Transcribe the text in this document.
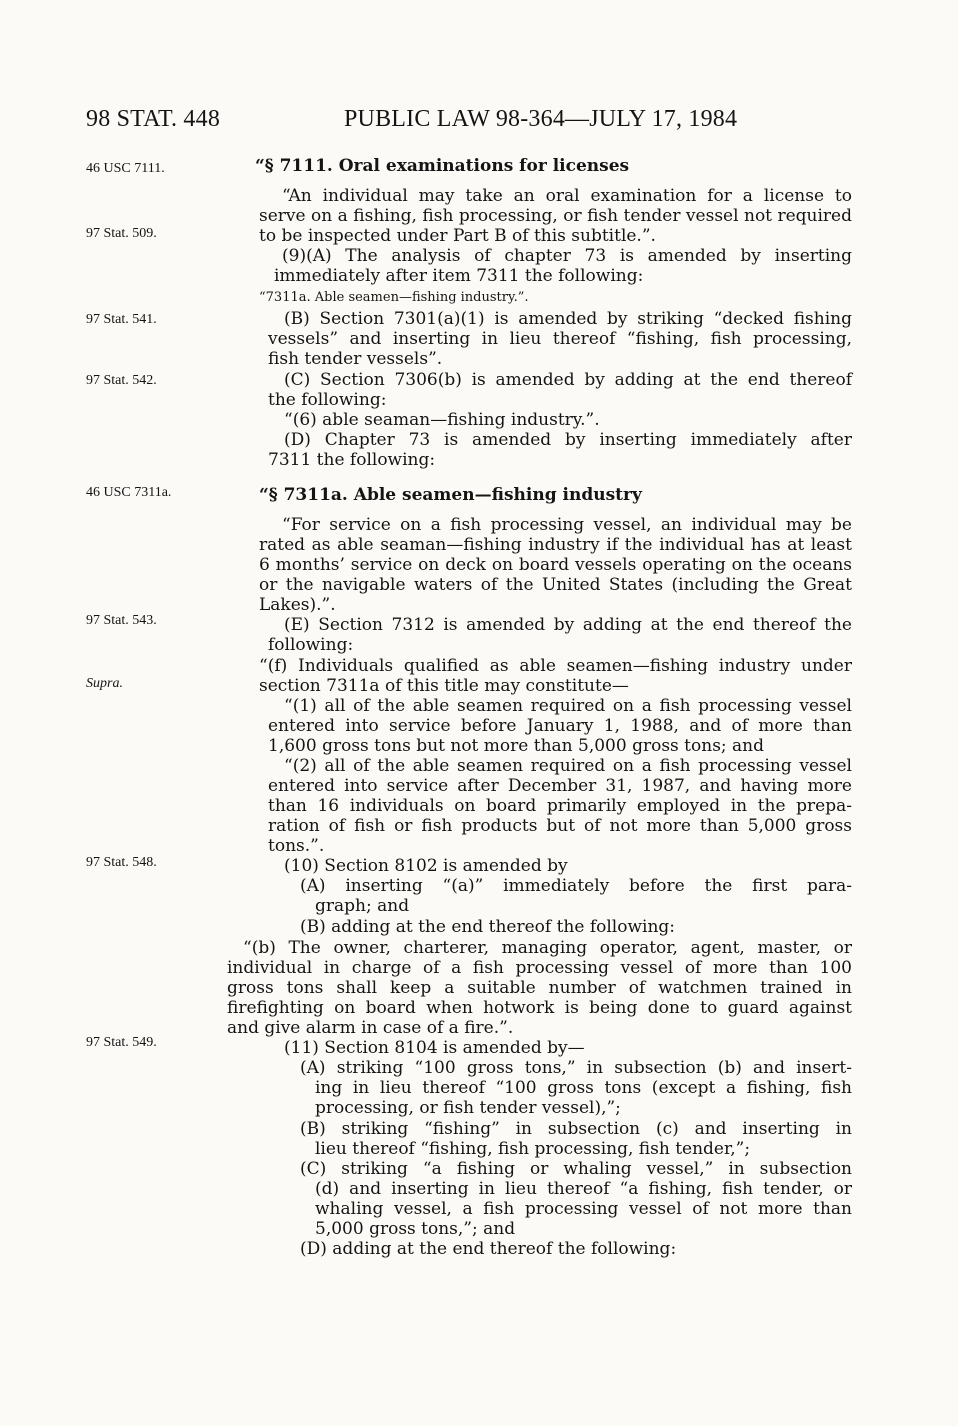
98 STAT. 448	PUBLIC LAW 98-364—JULY 17, 1984
46 USC 7111.
97 Stat. 509.
97 Stat. 541.
97 Stat. 542.
46 USC 7311a.
97 Stat. 543.
Supra.
97 Stat. 548.
97 Stat. 549.
“§ 7111. Oral examinations for licenses
“An individual may take an oral examination for a license to
serve on a fishing, fish processing, or fish tender vessel not required
to be inspected under Part B of this subtitle.”.
(9)(A) The analysis of chapter 73 is amended by inserting
immediately after item 7311 the following:
“7311a. Able seamen—fishing industry.”.
(B) Section 7301(a)(1) is amended by striking “decked fishing
vessels” and inserting in lieu thereof “fishing, fish processing,
fish tender vessels”.
(C) Section 7306(b) is amended by adding at the end thereof
the following:
“(6) able seaman—fishing industry.”.
(D) Chapter 73 is amended by inserting immediately after
7311 the following:
“§ 7311a. Able seamen—fishing industry
“For service on a fish processing vessel, an individual may be
rated as able seaman—fishing industry if the individual has at least
6 months’ service on deck on board vessels operating on the oceans
or the navigable waters of the United States (including the Great
Lakes).”.
(E) Section 7312 is amended by adding at the end thereof the
following:
“(f) Individuals qualified as able seamen—fishing industry under
section 7311a of this title may constitute—
“(1) all of the able seamen required on a fish processing vessel
entered into service before January 1, 1988, and of more than
1,600 gross tons but not more than 5,000 gross tons; and
“(2) all of the able seamen required on a fish processing vessel
entered into service after December 31, 1987, and having more
than 16 individuals on board primarily employed in the prepa-
ration of fish or fish products but of not more than 5,000 gross
tons.”.
(10) Section 8102 is amended by
(A) inserting “(a)” immediately before the first para-
graph; and
(B) adding at the end thereof the following:
“(b) The owner, charterer, managing operator, agent, master, or
individual in charge of a fish processing vessel of more than 100
gross tons shall keep a suitable number of watchmen trained in
firefighting on board when hotwork is being done to guard against
and give alarm in case of a fire.”.
(11) Section 8104 is amended by—
(A) striking “100 gross tons,” in subsection (b) and insert-
ing in lieu thereof “100 gross tons (except a fishing, fish
processing, or fish tender vessel),”;
(B) striking “fishing” in subsection (c) and inserting in
lieu thereof “fishing, fish processing, fish tender,”;
(C) striking “a fishing or whaling vessel,” in subsection
(d) and inserting in lieu thereof “a fishing, fish tender, or
whaling vessel, a fish processing vessel of not more than
5,000 gross tons,”; and
(D) adding at the end thereof the following:
